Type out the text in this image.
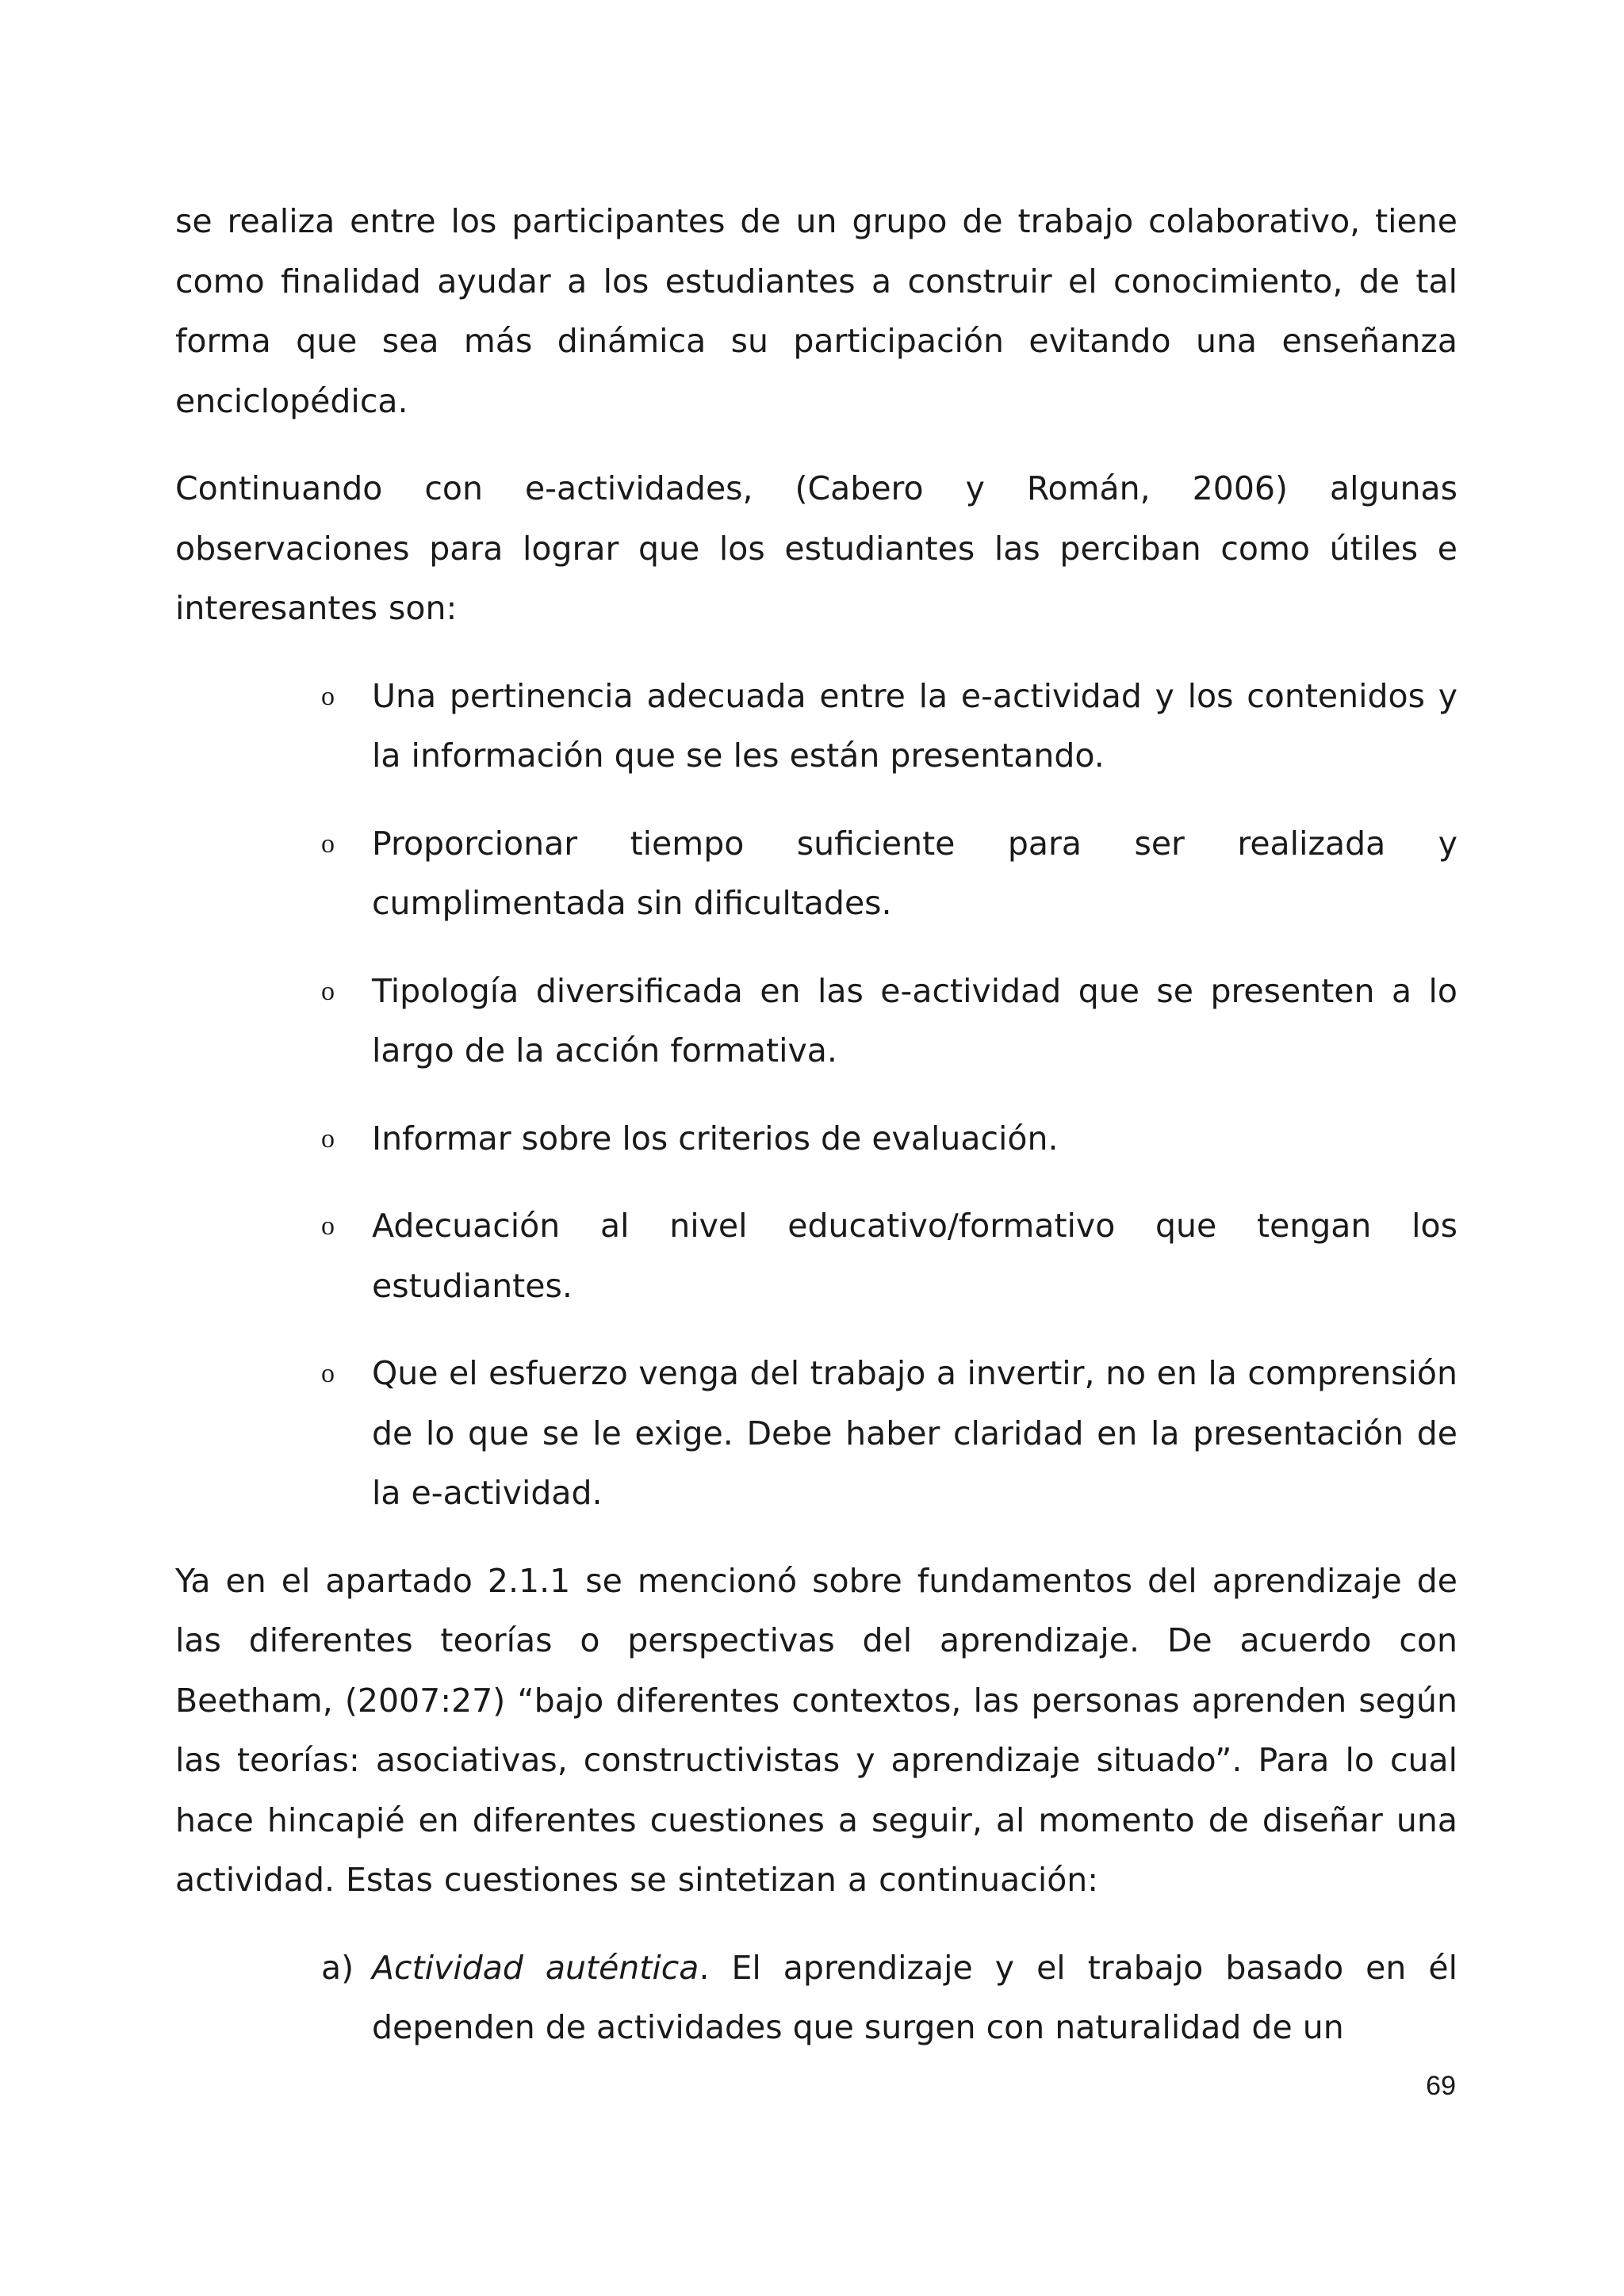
se realiza entre los participantes de un grupo de trabajo colaborativo, tiene como finalidad ayudar a los estudiantes a construir el conocimiento, de tal forma que sea más dinámica su participación evitando una enseñanza enciclopédica.

Continuando con e-actividades, (Cabero y Román, 2006) algunas observaciones para lograr que los estudiantes las perciban como útiles e interesantes son:

o Una pertinencia adecuada entre la e-actividad y los contenidos y la información que se les están presentando.
o Proporcionar tiempo suficiente para ser realizada y cumplimentada sin dificultades.
o Tipología diversificada en las e-actividad que se presenten a lo largo de la acción formativa.
o Informar sobre los criterios de evaluación.
o Adecuación al nivel educativo/formativo que tengan los estudiantes.
o Que el esfuerzo venga del trabajo a invertir, no en la comprensión de lo que se le exige. Debe haber claridad en la presentación de la e-actividad.

Ya en el apartado 2.1.1 se mencionó sobre fundamentos del aprendizaje de las diferentes teorías o perspectivas del aprendizaje. De acuerdo con Beetham, (2007:27) “bajo diferentes contextos, las personas aprenden según las teorías: asociativas, constructivistas y aprendizaje situado”. Para lo cual hace hincapié en diferentes cuestiones a seguir, al momento de diseñar una actividad. Estas cuestiones se sintetizan a continuación:

a) Actividad auténtica. El aprendizaje y el trabajo basado en él dependen de actividades que surgen con naturalidad de un

69
